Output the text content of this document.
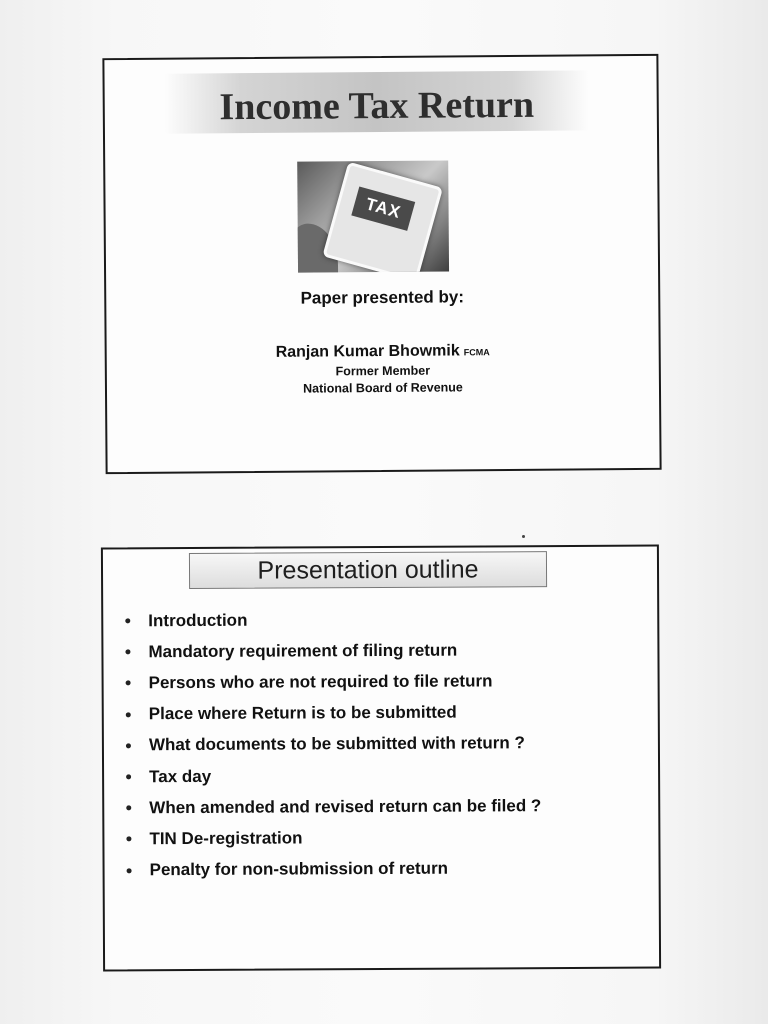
Income Tax Return
TAX
Paper presented by:
Ranjan Kumar Bhowmik FCMA
Former Member
National Board of Revenue
Presentation outline
Introduction
Mandatory requirement of filing return
Persons who are not required to file return
Place where Return is to be submitted
What documents to be submitted with return ?
Tax day
When amended and revised return can be filed ?
TIN De-registration
Penalty for non-submission of return
